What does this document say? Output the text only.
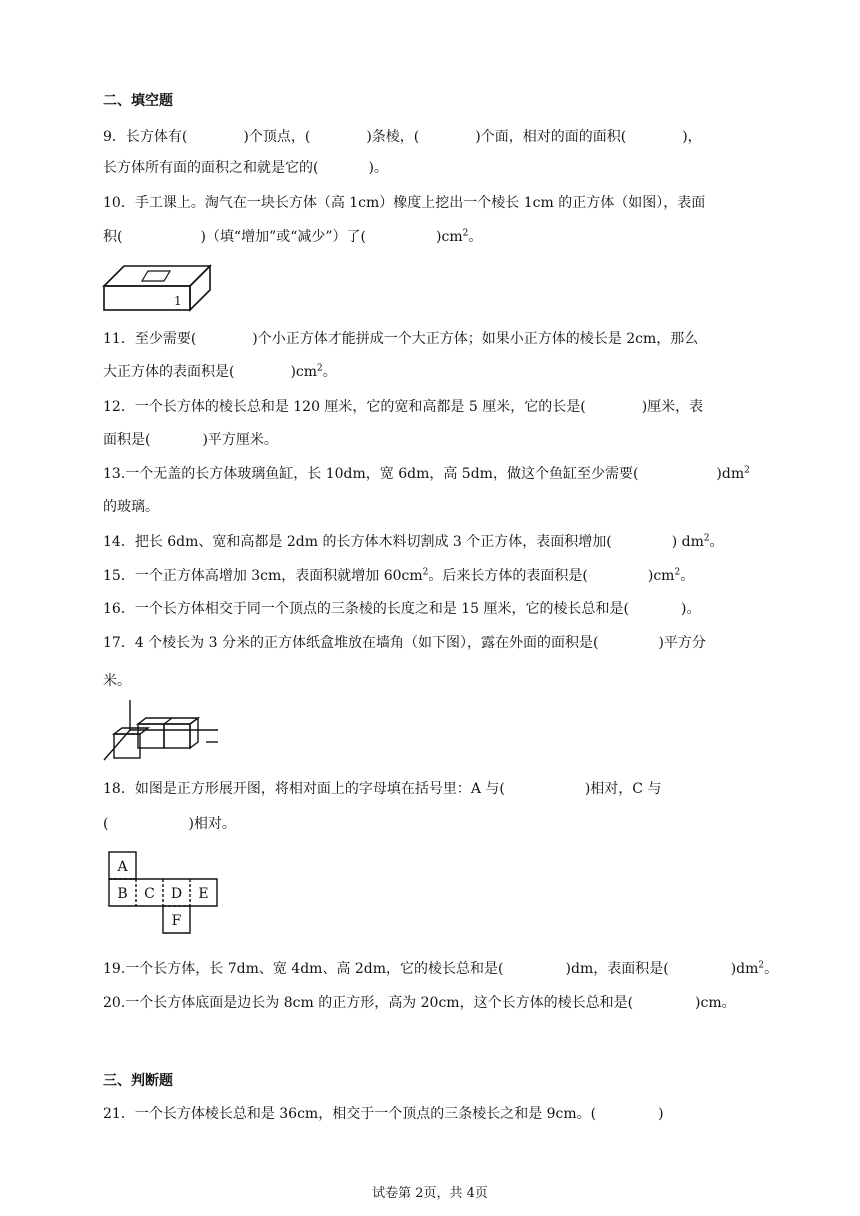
二、填空题
9．长方体有(	)个顶点，(	)条棱，(	)个面，相对的面的面积(	)，
长方体所有面的面积之和就是它的(	)。
10．手工课上。淘气在一块长方体（高 1cm）橡度上挖出一个棱长 1cm 的正方体（如图），表面
积(	)（填“增加”或“减少”）了(	)$cm^2$。
1
11．至少需要(	)个小正方体才能拼成一个大正方体；如果小正方体的棱长是 2cm，那么
大正方体的表面积是(	)$cm^2$。
12．一个长方体的棱长总和是 120 厘米，它的宽和高都是 5 厘米，它的长是(	)厘米，表
面积是(	)平方厘米。
13.一个无盖的长方体玻璃鱼缸，长 10dm，宽 6dm，高 5dm，做这个鱼缸至少需要(	)$dm^2$
的玻璃。
14．把长 6dm、宽和高都是 2dm 的长方体木料切割成 3 个正方体，表面积增加(	) $dm^2$。
15．一个正方体高增加 3cm，表面积就增加 $60cm^2$。后来长方体的表面积是(	)$cm^2$。
16．一个长方体相交于同一个顶点的三条棱的长度之和是 15 厘米，它的棱长总和是(	)。
17．4 个棱长为 3 分米的正方体纸盒堆放在墙角（如下图），露在外面的面积是(	)平方分
米。
18．如图是正方形展开图，将相对面上的字母填在括号里：A 与(	)相对，C 与
(	)相对。
A
B C D E
F
19.一个长方体，长 7dm、宽 4dm、高 2dm，它的棱长总和是(	)dm，表面积是(	)$dm^2$。
20.一个长方体底面是边长为 8cm 的正方形，高为 20cm，这个长方体的棱长总和是(	)cm。
三、判断题
21．一个长方体棱长总和是 36cm，相交于一个顶点的三条棱长之和是 9cm。(	)
试卷第 2页，共 4页
